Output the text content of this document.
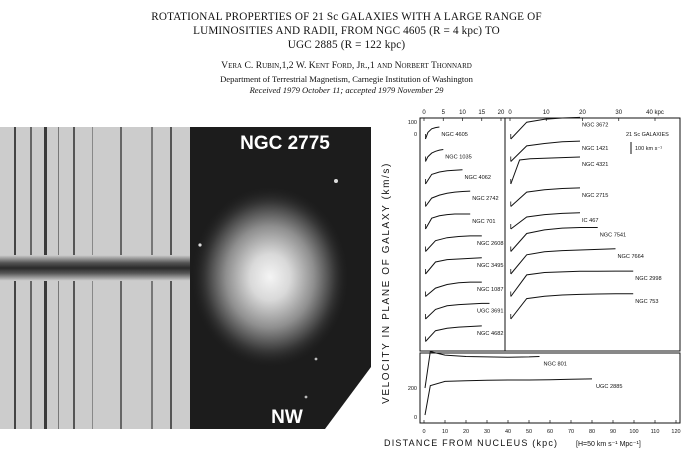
ROTATIONAL PROPERTIES OF 21 Sc GALAXIES WITH A LARGE RANGE OF
LUMINOSITIES AND RADII, FROM NGC 4605 (R = 4 kpc) TO
UGC 2885 (R = 122 kpc)
Vera C. Rubin,1,2 W. Kent Ford, Jr.,1 and Norbert Thonnard
Department of Terrestrial Magnetism, Carnegie Institution of Washington
Received 1979 October 11; accepted 1979 November 29
NGC 2775
NW
VELOCITY IN PLANE OF GALAXY (km/s)
DISTANCE FROM NUCLEUS (kpc)	[H=50 km s⁻¹ Mpc⁻¹]
21 Sc GALAXIES
100 km s⁻¹
0	5 10 15 20
100
0
0	10	20	30	40 kpc
NGC 4605
NGC 1035
NGC 4062
NGC 2742
NGC 701
NGC 2608
NGC 3495
NGC 1087
UGC 3691
NGC 4682
NGC 3672
NGC 1421
NGC 4321
NGC 2715
IC 467
NGC 7541
NGC 7664
NGC 2998
NGC 753
0	10	20	30	40	50	60	70	80	90 100 110 120
200
0
NGC 801
UGC 2885
